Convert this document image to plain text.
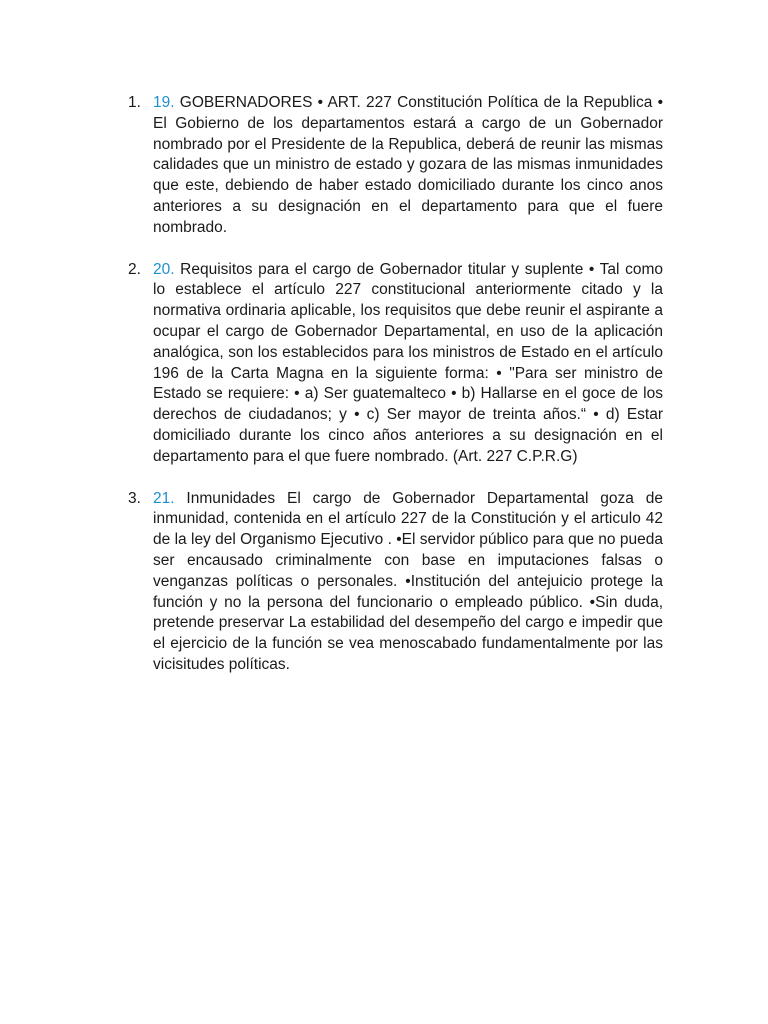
1. 19. GOBERNADORES • ART. 227 Constitución Política de la Republica • El Gobierno de los departamentos estará a cargo de un Gobernador nombrado por el Presidente de la Republica, deberá de reunir las mismas calidades que un ministro de estado y gozara de las mismas inmunidades que este, debiendo de haber estado domiciliado durante los cinco anos anteriores a su designación en el departamento para que el fuere nombrado.
2. 20. Requisitos para el cargo de Gobernador titular y suplente • Tal como lo establece el artículo 227 constitucional anteriormente citado y la normativa ordinaria aplicable, los requisitos que debe reunir el aspirante a ocupar el cargo de Gobernador Departamental, en uso de la aplicación analógica, son los establecidos para los ministros de Estado en el artículo 196 de la Carta Magna en la siguiente forma: • "Para ser ministro de Estado se requiere: • a) Ser guatemalteco • b) Hallarse en el goce de los derechos de ciudadanos; y • c) Ser mayor de treinta años.“ • d) Estar domiciliado durante los cinco años anteriores a su designación en el departamento para el que fuere nombrado. (Art. 227 C.P.R.G)
3. 21. Inmunidades El cargo de Gobernador Departamental goza de inmunidad, contenida en el artículo 227 de la Constitución y el articulo 42 de la ley del Organismo Ejecutivo . •El servidor público para que no pueda ser encausado criminalmente con base en imputaciones falsas o venganzas políticas o personales. •Institución del antejuicio protege la función y no la persona del funcionario o empleado público. •Sin duda, pretende preservar La estabilidad del desempeño del cargo e impedir que el ejercicio de la función se vea menoscabado fundamentalmente por las vicisitudes políticas.
